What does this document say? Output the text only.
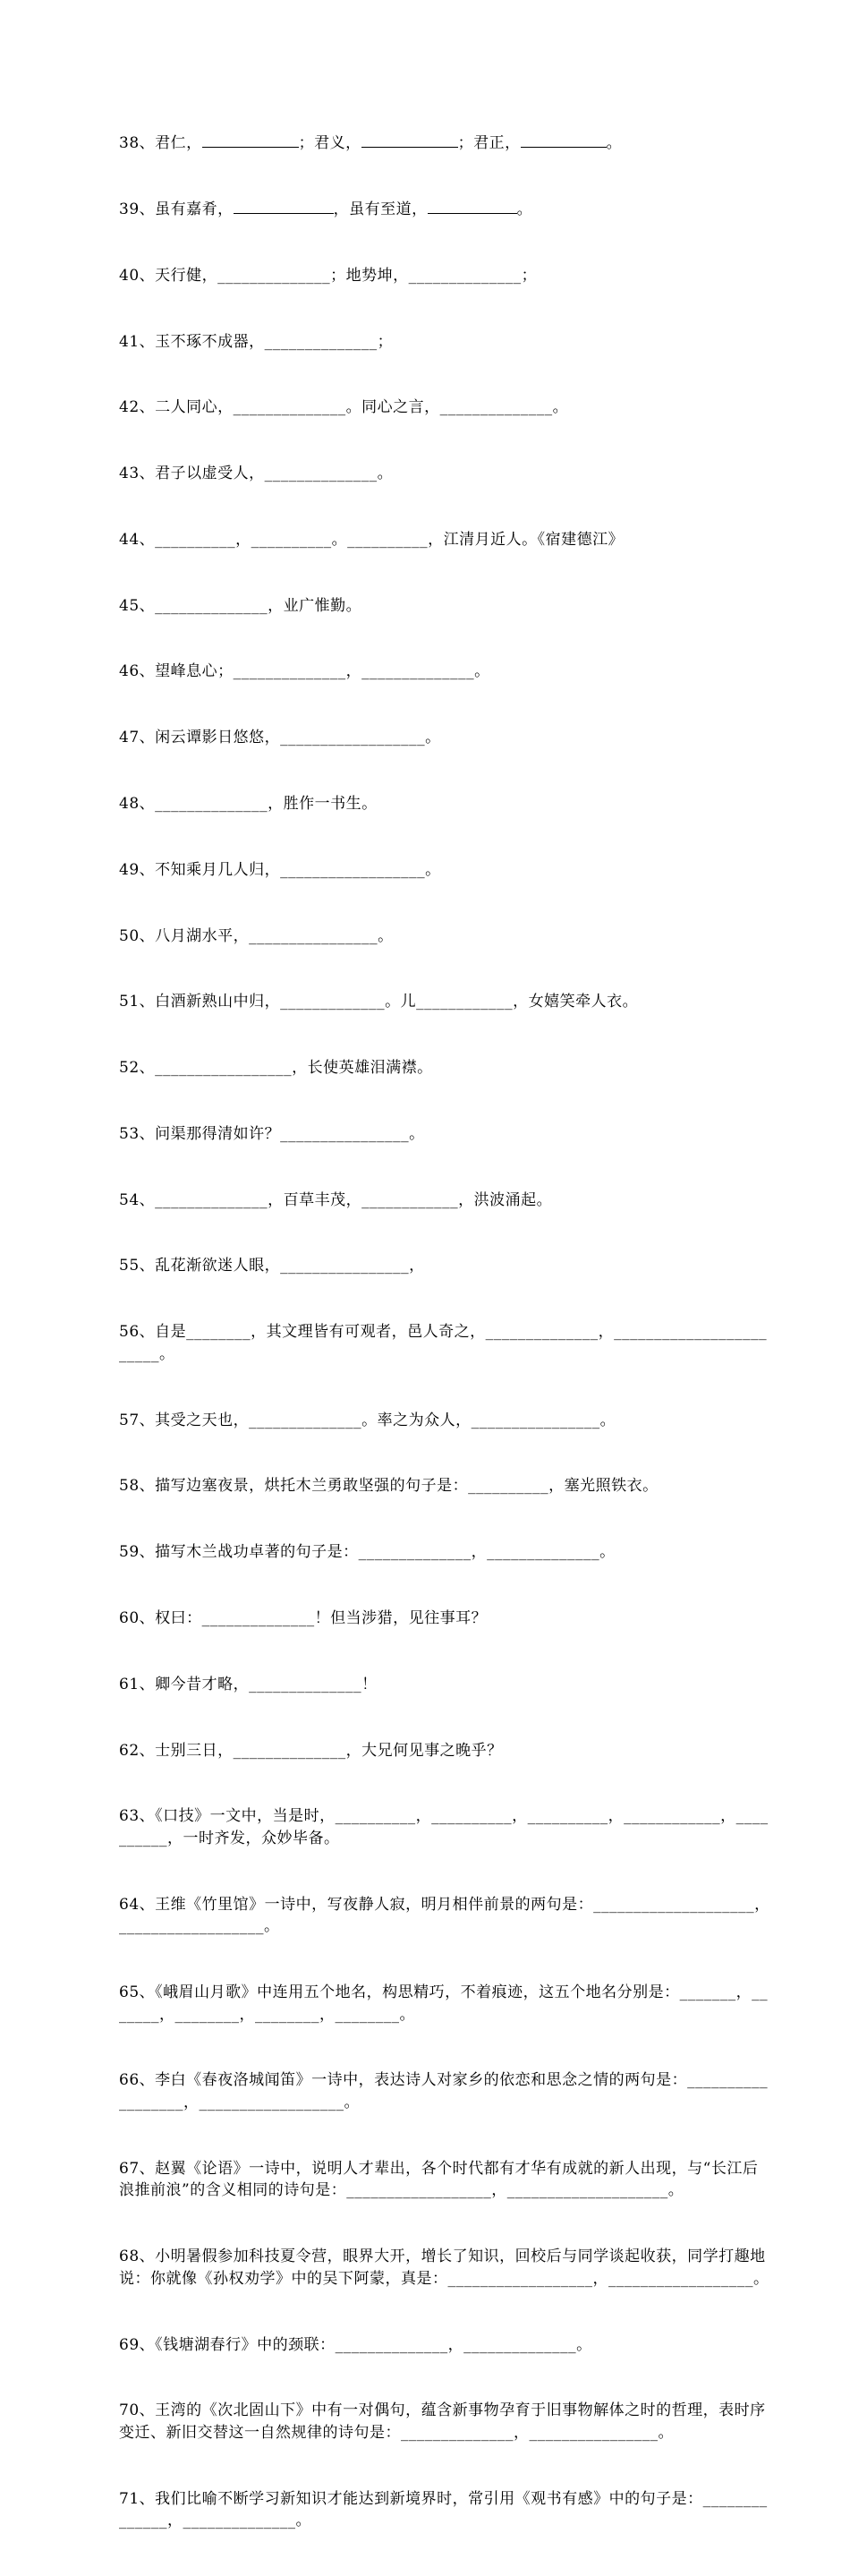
38、君仁，	；君义，	；君正，	。

39、虽有嘉肴，	，虽有至道，	。

40、天行健，______________；地势坤，______________；

41、玉不琢不成器，______________；

42、二人同心，______________。同心之言，______________。

43、君子以虚受人，______________。

44、__________，__________。__________，江清月近人。《宿建德江》

45、______________，业广惟勤。

46、望峰息心；______________，______________。

47、闲云谭影日悠悠，__________________。

48、______________，胜作一书生。

49、不知乘月几人归，__________________。

50、八月湖水平，________________。

51、白酒新熟山中归，_____________。儿____________，女嬉笑牵人衣。

52、_________________，长使英雄泪满襟。

53、问渠那得清如许？________________。

54、______________，百草丰茂，____________，洪波涌起。

55、乱花渐欲迷人眼，________________，

56、自是________，其文理皆有可观者，邑人奇之，______________，________________________。

57、其受之天也，______________。率之为众人，________________。

58、描写边塞夜景，烘托木兰勇敢坚强的句子是：__________，塞光照铁衣。

59、描写木兰战功卓著的句子是：______________，______________。

60、权曰：______________！但当涉猎，见往事耳？

61、卿今昔才略，______________！

62、士别三日，______________，大兄何见事之晚乎？

63、《口技》一文中，当是时，__________，__________，__________，____________，__________，一时齐发，众妙毕备。

64、王维《竹里馆》一诗中，写夜静人寂，明月相伴前景的两句是：____________________，__________________。

65、《峨眉山月歌》中连用五个地名，构思精巧，不着痕迹，这五个地名分别是：_______，_______，________，________，________。

66、李白《春夜洛城闻笛》一诗中，表达诗人对家乡的依恋和思念之情的两句是：__________________，__________________。

67、赵翼《论语》一诗中，说明人才辈出，各个时代都有才华有成就的新人出现，与“长江后浪推前浪”的含义相同的诗句是：__________________，____________________。

68、小明暑假参加科技夏令营，眼界大开，增长了知识，回校后与同学谈起收获，同学打趣地说：你就像《孙权劝学》中的吴下阿蒙，真是：__________________，__________________。

69、《钱塘湖春行》中的颈联：______________，______________。

70、王湾的《次北固山下》中有一对偶句，蕴含新事物孕育于旧事物解体之时的哲理，表时序变迁、新旧交替这一自然规律的诗句是：______________，________________。

71、我们比喻不断学习新知识才能达到新境界时，常引用《观书有感》中的句子是：______________，______________。
